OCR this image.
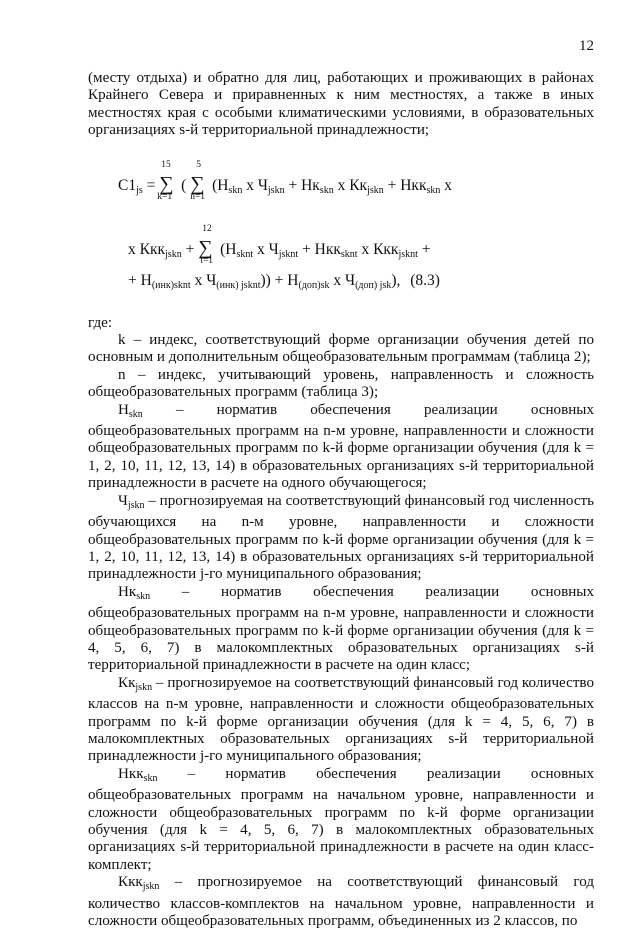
12

(месту отдыха) и обратно для лиц, работающих и проживающих в районах Крайнего Севера и приравненных к ним местностях, а также в иных местностях края с особыми климатическими условиями, в образовательных организациях s-й территориальной принадлежности;

$С1_{js}$ =
15
∑
k=1
(
5
∑
n=1
($Н_{skn}$ х $Ч_{jskn} + Нк_{skn}$ х $Кк_{jskn} + Нкк_{skn}$ х
х Ккк$_{jskn}$ +
12
∑
t=1
($Н_{sknt}$ х $Ч_{jsknt} + Нкк_{sknt}$ х Ккк$_{jsknt}$ +
+ $Н_{(инк)sknt}$ х $Ч_{(инк) jsknt})) + Н_{(доп)sk}$ х $Ч_{(доп) jsk}$), (8.3)

где:

k – индекс, соответствующий форме организации обучения детей по основным и дополнительным общеобразовательным программам (таблица 2);

n – индекс, учитывающий уровень, направленность и сложность общеобразовательных программ (таблица 3);

$Н_{skn}$ – норматив обеспечения реализации основных общеобразовательных программ на n-м уровне, направленности и сложности общеобразовательных программ по k-й форме организации обучения (для k = 1, 2, 10, 11, 12, 13, 14) в образовательных организациях s-й территориальной принадлежности в расчете на одного обучающегося;

$Ч_{jskn}$ – прогнозируемая на соответствующий финансовый год численность обучающихся на n-м уровне, направленности и сложности общеобразовательных программ по k-й форме организации обучения (для k = 1, 2, 10, 11, 12, 13, 14) в образовательных организациях s-й территориальной принадлежности j-го муниципального образования;

$Нк_{skn}$ – норматив обеспечения реализации основных общеобразовательных программ на n-м уровне, направленности и сложности общеобразовательных программ по k-й форме организации обучения (для k = 4, 5, 6, 7) в малокомплектных образовательных организациях s-й территориальной принадлежности в расчете на один класс;

$Кк_{jskn}$ – прогнозируемое на соответствующий финансовый год количество классов на n-м уровне, направленности и сложности общеобразовательных программ по k-й форме организации обучения (для k = 4, 5, 6, 7) в малокомплектных образовательных организациях s-й территориальной принадлежности j-го муниципального образования;

Нкк$_{skn}$ – норматив обеспечения реализации основных общеобразовательных программ на начальном уровне, направленности и сложности общеобразовательных программ по k-й форме организации обучения (для k = 4, 5, 6, 7) в малокомплектных образовательных организациях s-й территориальной принадлежности в расчете на один класс-комплект;

Ккк$_{jskn}$ – прогнозируемое на соответствующий финансовый год количество классов-комплектов на начальном уровне, направленности и сложности общеобразовательных программ, объединенных из 2 классов, по
